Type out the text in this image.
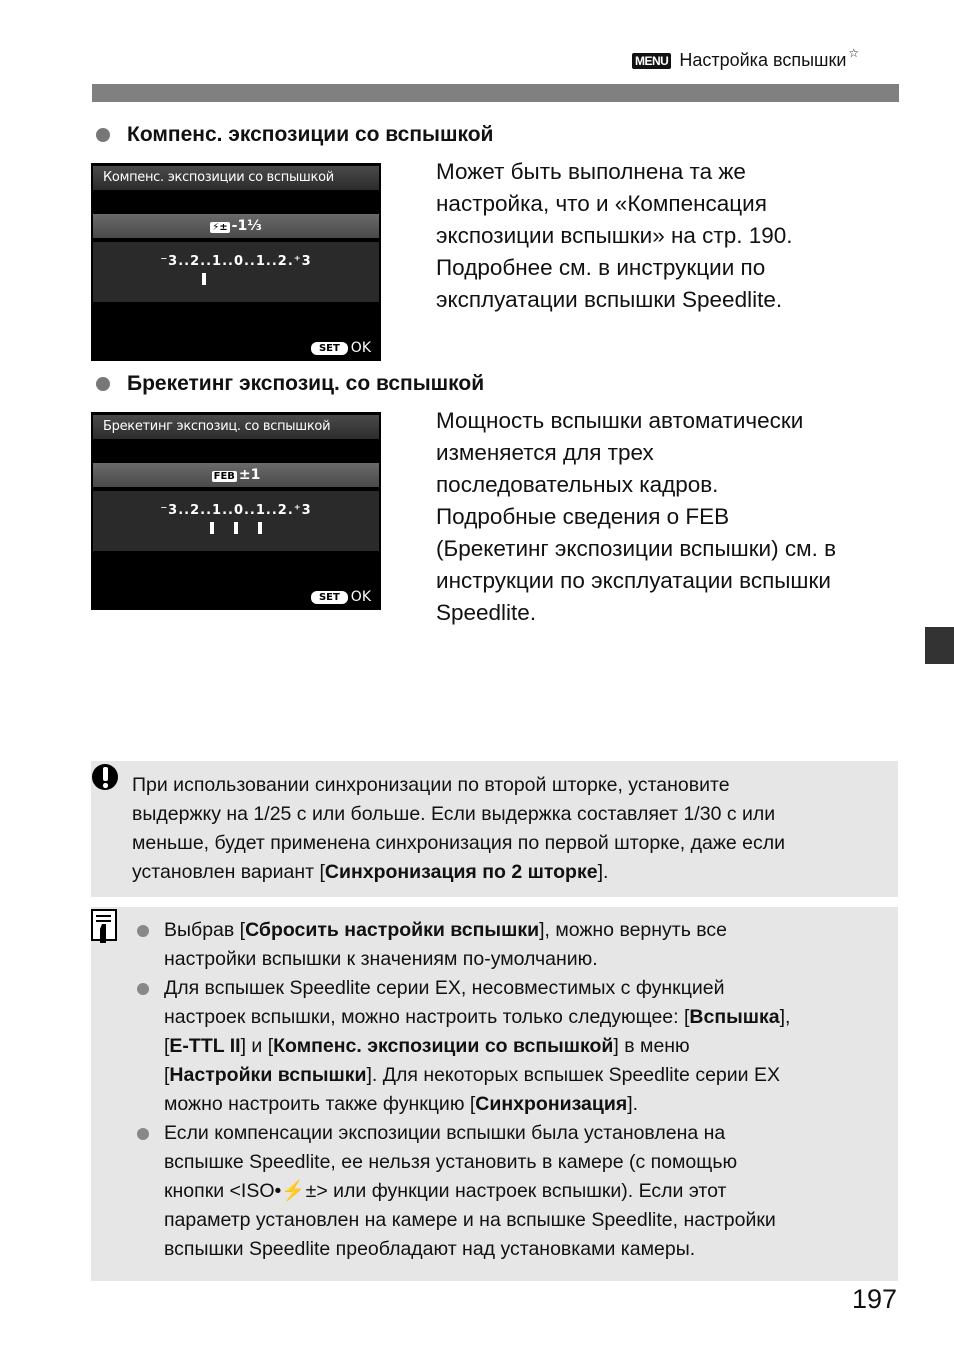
MENU Настройка вспышки ☆
Компенс. экспозиции со вспышкой
Компенс. экспозиции со вспышкой
⚡± -1⅓
⁻3..2..1..0..1..2.⁺3
SET OK
Может быть выполнена та же
настройка, что и «Компенсация
экспозиции вспышки» на стр. 190.
Подробнее см. в инструкции по
эксплуатации вспышки Speedlite.
Брекетинг экспозиц. со вспышкой
Брекетинг экспозиц. со вспышкой
FEB ±1
⁻3..2..1..0..1..2.⁺3
SET OK
Мощность вспышки автоматически
изменяется для трех
последовательных кадров.
Подробные сведения о FEB
(Брекетинг экспозиции вспышки) см. в
инструкции по эксплуатации вспышки
Speedlite.
При использовании синхронизации по второй шторке, установите
выдержку на 1/25 с или больше. Если выдержка составляет 1/30 с или
меньше, будет применена синхронизация по первой шторке, даже если
установлен вариант [Синхронизация по 2 шторке].
Выбрав [Сбросить настройки вспышки], можно вернуть все
настройки вспышки к значениям по-умолчанию.
Для вспышек Speedlite серии EX, несовместимых с функцией
настроек вспышки, можно настроить только следующее: [Вспышка],
[E-TTL II] и [Компенс. экспозиции со вспышкой] в меню
[Настройки вспышки]. Для некоторых вспышек Speedlite серии EX
можно настроить также функцию [Синхронизация].
Если компенсации экспозиции вспышки была установлена на
вспышке Speedlite, ее нельзя установить в камере (с помощью
кнопки <ISO•⚡±> или функции настроек вспышки). Если этот
параметр установлен на камере и на вспышке Speedlite, настройки
вспышки Speedlite преобладают над установками камеры.
197
